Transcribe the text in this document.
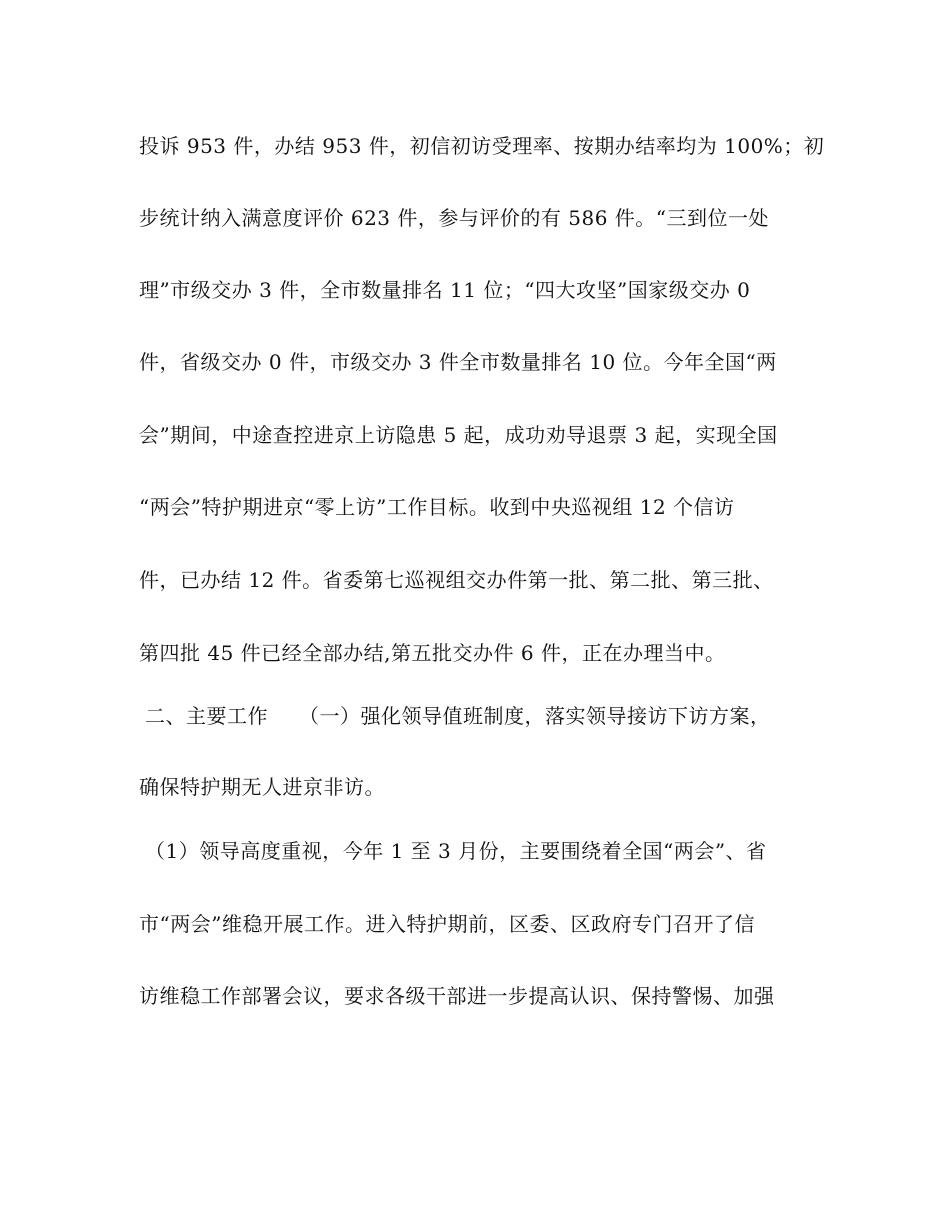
投诉 953 件，办结 953 件，初信初访受理率、按期办结率均为 100%；初
步统计纳入满意度评价 623 件，参与评价的有 586 件。“三到位一处
理”市级交办 3 件，全市数量排名 11 位；“四大攻坚”国家级交办 0
件，省级交办 0 件，市级交办 3 件全市数量排名 10 位。今年全国“两
会”期间，中途查控进京上访隐患 5 起，成功劝导退票 3 起，实现全国
“两会”特护期进京“零上访”工作目标。收到中央巡视组 12 个信访
件，已办结 12 件。省委第七巡视组交办件第一批、第二批、第三批、
第四批 45 件已经全部办结,第五批交办件 6 件，正在办理当中。
二、主要工作　　（一）强化领导值班制度，落实领导接访下访方案，
确保特护期无人进京非访。
（1）领导高度重视，今年 1 至 3 月份，主要围绕着全国“两会”、省
市“两会”维稳开展工作。进入特护期前，区委、区政府专门召开了信
访维稳工作部署会议，要求各级干部进一步提高认识、保持警惕、加强
